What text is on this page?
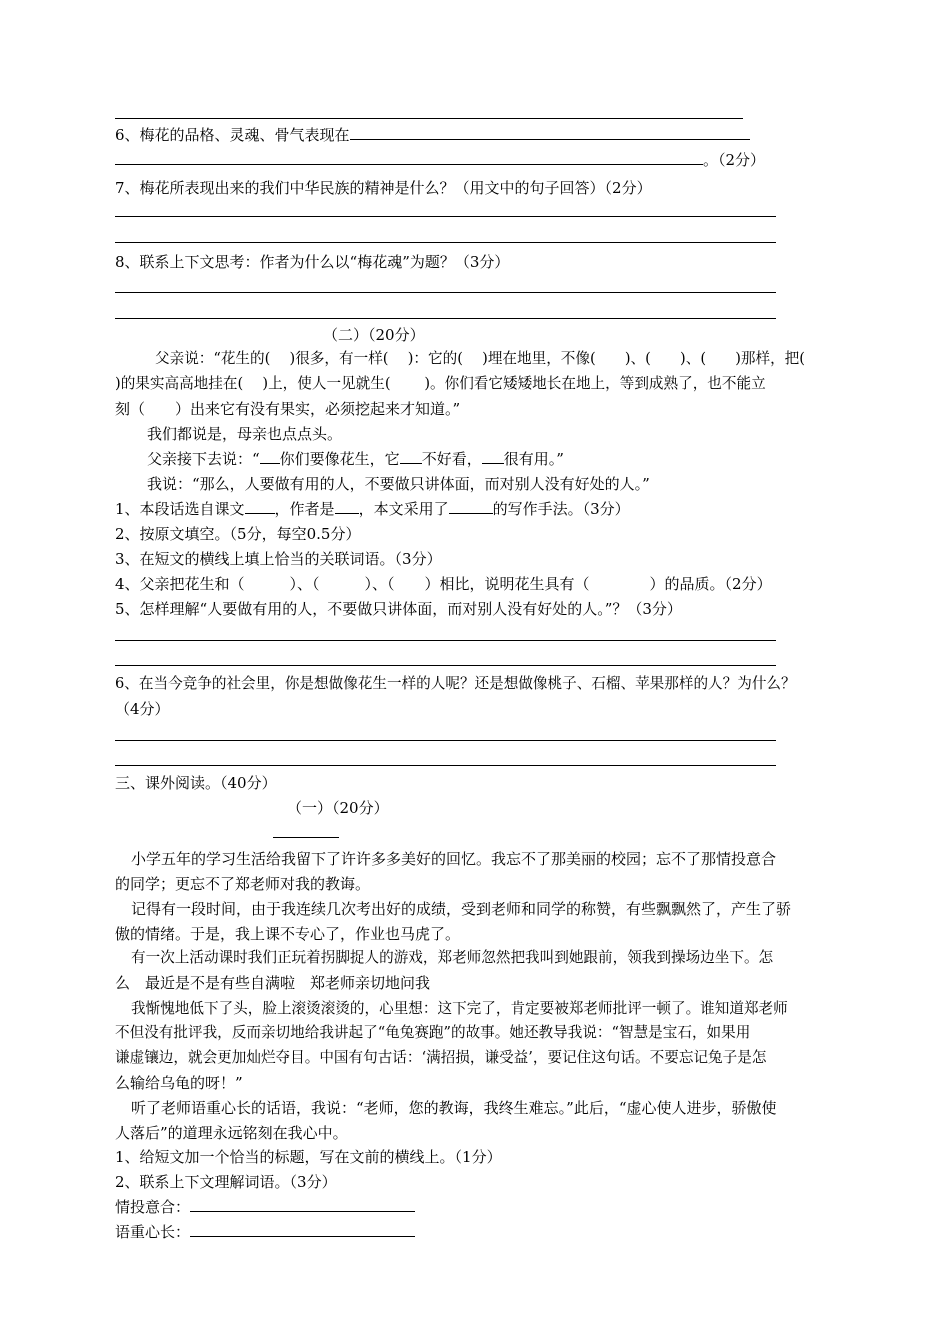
6、梅花的品格、灵魂、骨气表现在
。（2分）
7、梅花所表现出来的我们中华民族的精神是什么？（用文中的句子回答）（2分）
8、联系上下文思考：作者为什么以“梅花魂”为题？（3分）
（二）（20分）
父亲说：“花生的(　 )很多，有一样(　 )：它的(　 )埋在地里，不像(　　)、(　　)、(　　)那样，把(
)的果实高高地挂在(　 )上，使人一见就生(　　 )。你们看它矮矮地长在地上，等到成熟了，也不能立
刻（　　）出来它有没有果实，必须挖起来才知道。”
我们都说是，母亲也点点头。
父亲接下去说：“ 你们要像花生，它 不好看， 很有用。”
我说：“那么，人要做有用的人，不要做只讲体面，而对别人没有好处的人。”
1、本段话选自课文 ，作者是 ，本文采用了	的写作手法。（3分）
2、按原文填空。（5分，每空0.5分）
3、在短文的横线上填上恰当的关联词语。（3分）
4、父亲把花生和（　　　）、（　　　）、（　　）相比，说明花生具有（　　　　）的品质。（2分）
5、怎样理解“人要做有用的人，不要做只讲体面，而对别人没有好处的人。”？（3分）
6、在当今竞争的社会里，你是想做像花生一样的人呢？还是想做像桃子、石榴、苹果那样的人？为什么？
（4分）
三、课外阅读。（40分）
（一）（20分）
小学五年的学习生活给我留下了许许多多美好的回忆。我忘不了那美丽的校园；忘不了那情投意合
的同学；更忘不了郑老师对我的教诲。
记得有一段时间，由于我连续几次考出好的成绩，受到老师和同学的称赞，有些飘飘然了，产生了骄
傲的情绪。于是，我上课不专心了，作业也马虎了。
有一次上活动课时我们正玩着拐脚捉人的游戏，郑老师忽然把我叫到她跟前，领我到操场边坐下。怎
么　最近是不是有些自满啦　郑老师亲切地问我
我惭愧地低下了头，脸上滚烫滚烫的，心里想：这下完了，肯定要被郑老师批评一顿了。谁知道郑老师
不但没有批评我，反而亲切地给我讲起了“龟兔赛跑”的故事。她还教导我说：“智慧是宝石，如果用
谦虚镶边，就会更加灿烂夺目。中国有句古话：‘满招损，谦受益’，要记住这句话。不要忘记兔子是怎
么输给乌龟的呀！”
听了老师语重心长的话语，我说：“老师，您的教诲，我终生难忘。”此后，“虚心使人进步，骄傲使
人落后”的道理永远铭刻在我心中。
1、给短文加一个恰当的标题，写在文前的横线上。（1分）
2、联系上下文理解词语。（3分）
情投意合：
语重心长：
